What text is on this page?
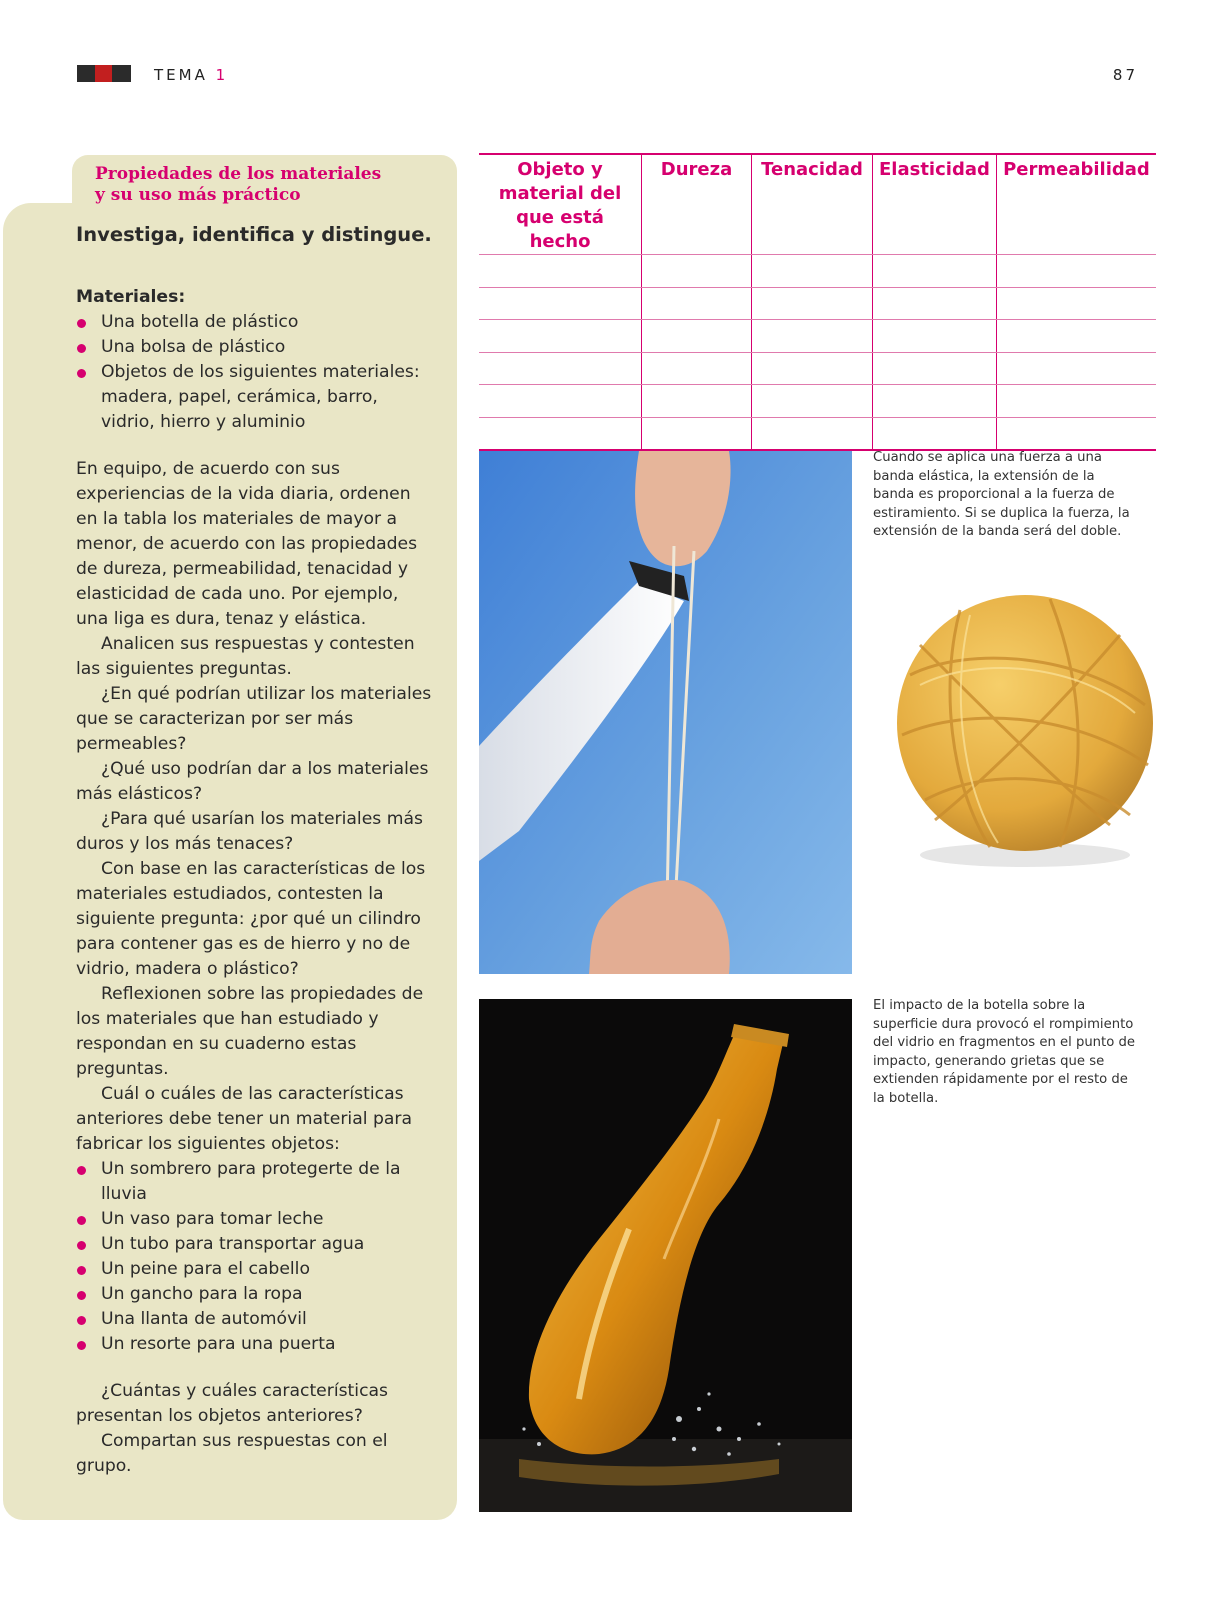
TEMA 1	87
Propiedades de los materiales
y su uso más práctico

Investiga, identifica y distingue.

Materiales:

Una botella de plástico
Una bolsa de plástico
Objetos de los siguientes materiales: madera, papel, cerámica, barro, vidrio, hierro y aluminio

En equipo, de acuerdo con sus experiencias de la vida diaria, ordenen en la tabla los materiales de mayor a menor, de acuerdo con las propiedades de dureza, permeabilidad, tenacidad y elasticidad de cada uno. Por ejemplo, una liga es dura, tenaz y elástica.

Analicen sus respuestas y contesten las siguientes preguntas.

¿En qué podrían utilizar los materiales que se caracterizan por ser más permeables?

¿Qué uso podrían dar a los materiales más elásticos?

¿Para qué usarían los materiales más duros y los más tenaces?

Con base en las características de los materiales estudiados, contesten la siguiente pregunta: ¿por qué un cilindro para contener gas es de hierro y no de vidrio, madera o plástico?

Reflexionen sobre las propiedades de los materiales que han estudiado y respondan en su cuaderno estas preguntas.

Cuál o cuáles de las características anteriores debe tener un material para fabricar los siguientes objetos:

Un sombrero para protegerte de la lluvia
Un vaso para tomar leche
Un tubo para transportar agua
Un peine para el cabello
Un gancho para la ropa
Una llanta de automóvil
Un resorte para una puerta

¿Cuántas y cuáles características presentan los objetos anteriores?

Compartan sus respuestas con el grupo.

Objeto y material del que está hecho	Dureza	Tenacidad	Elasticidad	Permeabilidad

Cuando se aplica una fuerza a una banda elástica, la extensión de la banda es proporcional a la fuerza de estiramiento. Si se duplica la fuerza, la extensión de la banda será del doble.
El impacto de la botella sobre la superficie dura provocó el rompimiento del vidrio en fragmentos en el punto de impacto, generando grietas que se extienden rápidamente por el resto de la botella.
